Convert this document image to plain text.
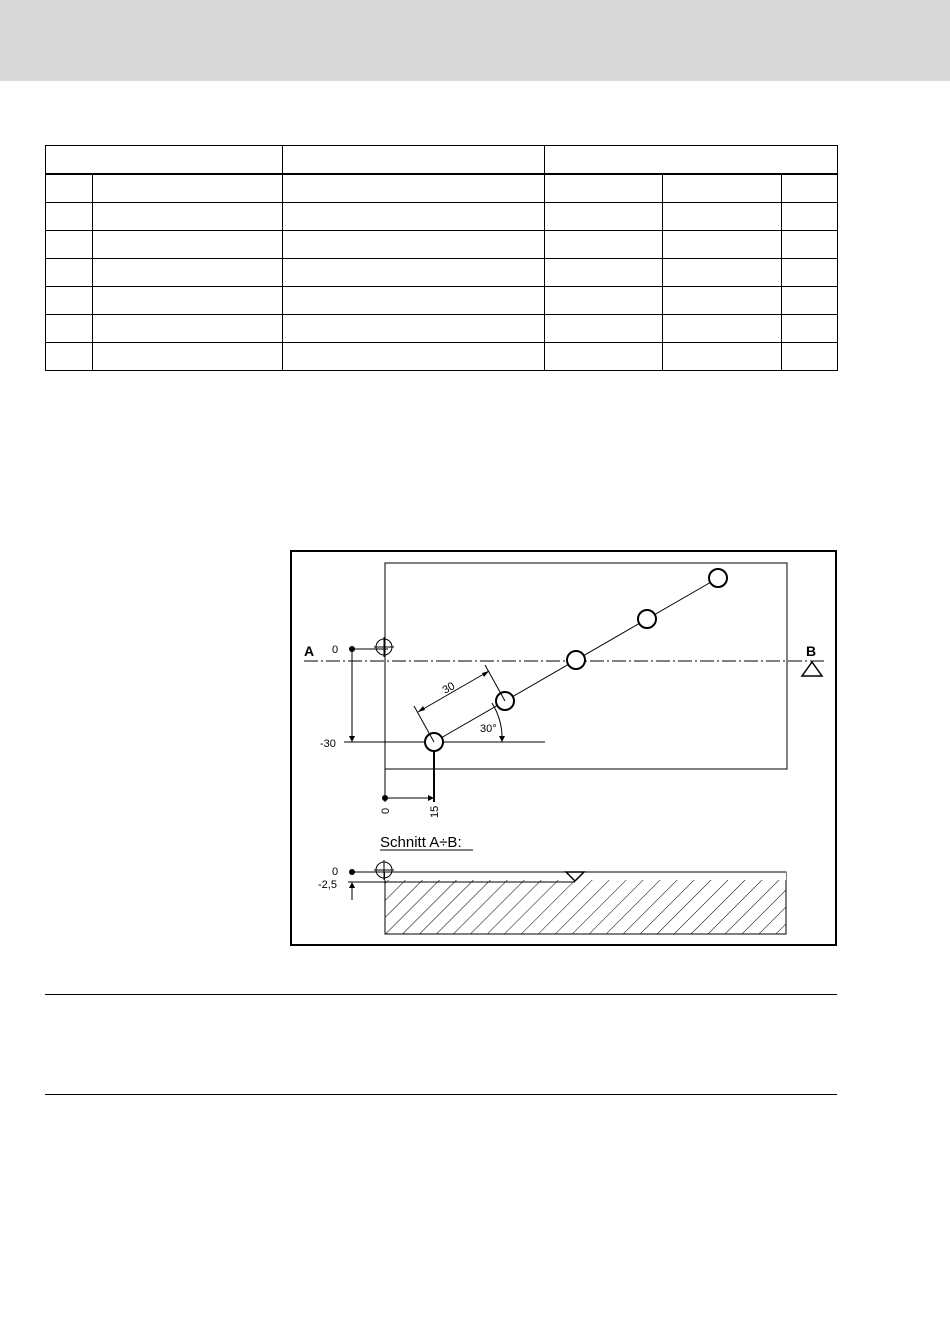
A	B
0
-30
0	15
30
30°
Schnitt A÷B:
0
-2,5
